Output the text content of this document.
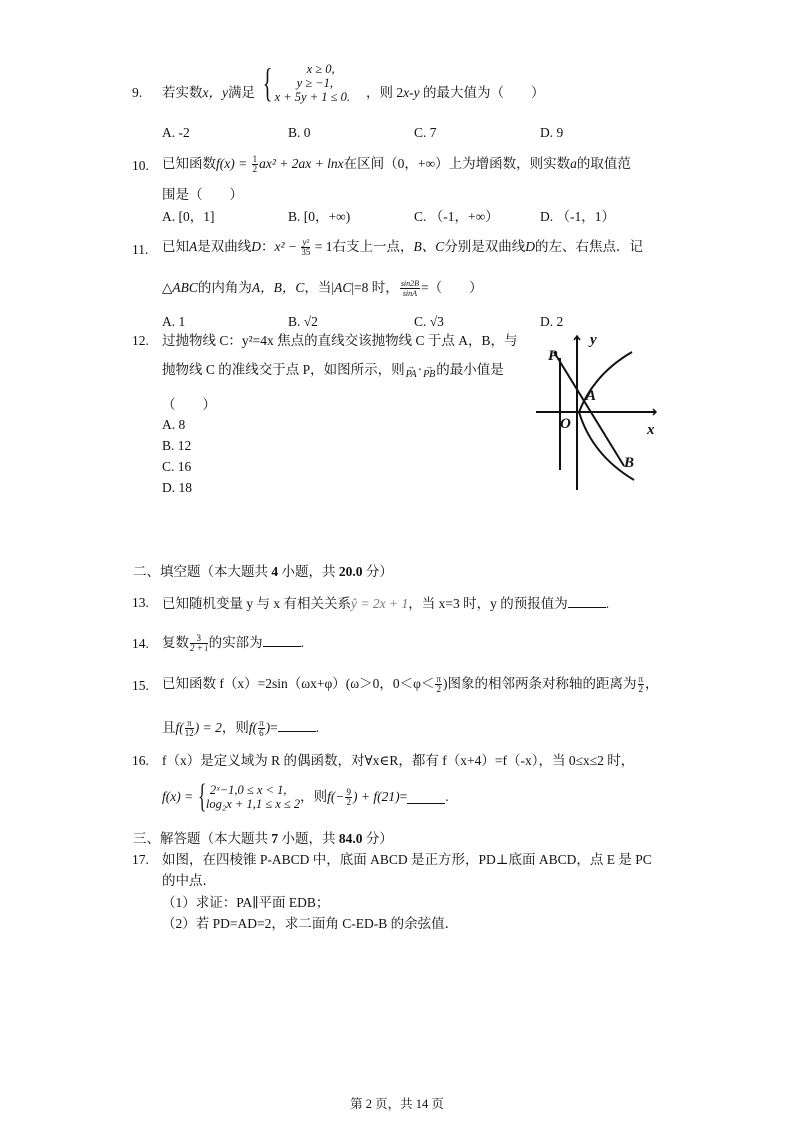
9. 若实数x，y满足 {	x ≥ 0,
y ≥ −1,
x + 5y + 1 ≤ 0. ，则 2x-y 的最大值为（　　）
A. -2	B. 0	C. 7	D. 9
10. 已知函数$f(x) = \frac{1}{2} ax^2 + 2ax + \ln x$在区间（0，+∞）上为增函数，则实数a的取值范
围是（　　）
A. [0，1]	B. [0，+∞)	C. （-1，+∞）	D. （-1，1）
11. 已知A是双曲线D：$x^2 - \frac{\text{y²}}{35} = 1$右支上一点，B、C分别是双曲线D的左、右焦点．记
△ABC的内角为A，B，C，当|AC|=8 时， $\frac{\sin 2B}{\sin A}$ =（　　）
A. 1	B. √2	C. √3	D. 2
12. 过抛物线 C：y²=4x 焦点的直线交该抛物线 C 于点 A，B，与
抛物线 C 的准线交于点 P，如图所示，则 →
PA · →
PB 的最小值是
（　　）
A. 8
B. 12
C. 16
D. 18
P
y
A
O	x
B
二、填空题（本大题共 4 小题，共 20.0 分）
13. 已知随机变量 y 与 x 有相关关系ŷ = 2x + 1，当 x=3 时，y 的预报值为	.
14. 复数 $\frac{3}{2 + i}$ 的实部为	.
15. 已知函数 f（x）=2sin（ωx+φ）(ω＞0，$0<\varphi< \frac{\pi}{2}$ )图象的相邻两条对称轴的距离为 $\frac{\pi}{2}$ ，
且$f( \frac{\pi}{12}$ ) = 2，则$f( \frac{\pi}{6}$ )=	.
16. f（x）是定义域为 R 的偶函数，对∀x∈R，都有 f（x+4）=f（-x），当 0≤x≤2 时，
f(x) = { 2ˣ−1,0 ≤ x < 1,
log₂x + 1,1 ≤ x ≤ 2 ，则$f(- \frac{9}{2}$ ) + f(21)=	.
三、解答题（本大题共 7 小题，共 84.0 分）
17. 如图，在四棱锥 P-ABCD 中，底面 ABCD 是正方形，PD⊥底面 ABCD，点 E 是 PC
的中点．
（1）求证：PA∥平面 EDB；
（2）若 PD=AD=2，求二面角 C-ED-B 的余弦值．
第 2 页，共 14 页
